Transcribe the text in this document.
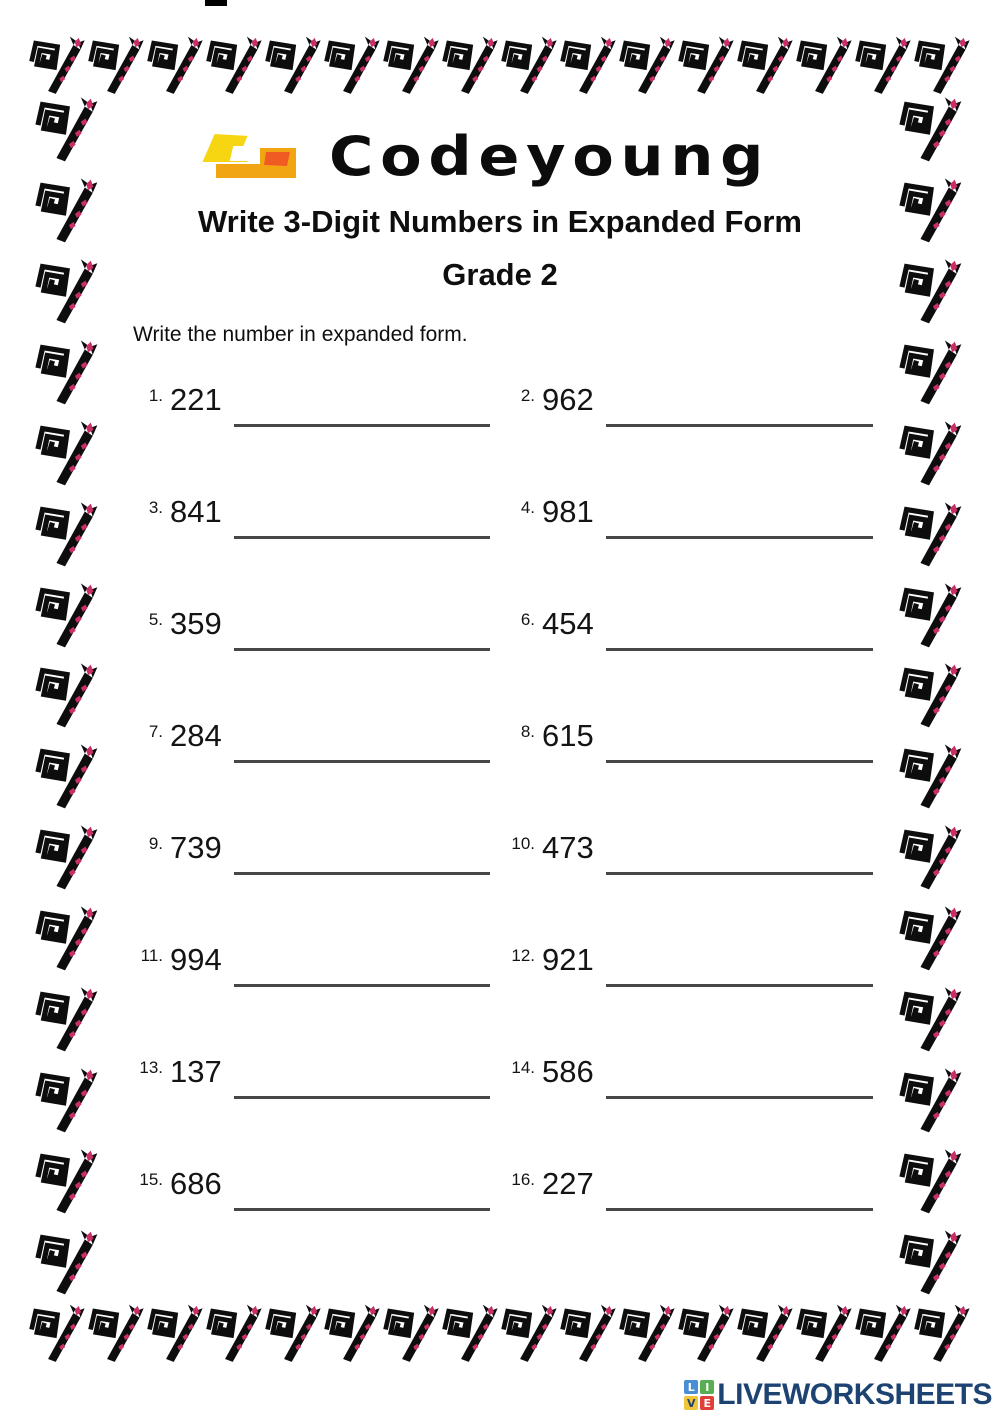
Codeyoung
Write 3-Digit Numbers in Expanded Form
Grade 2
Write the number in expanded form.
1. 221	2. 962
3. 841	4. 981
5. 359	6. 454
7. 284	8. 615
9. 739	10. 473
11. 994	12. 921
13. 137	14. 586
15. 686	16. 227
L I
V E LIVEWORKSHEETS
